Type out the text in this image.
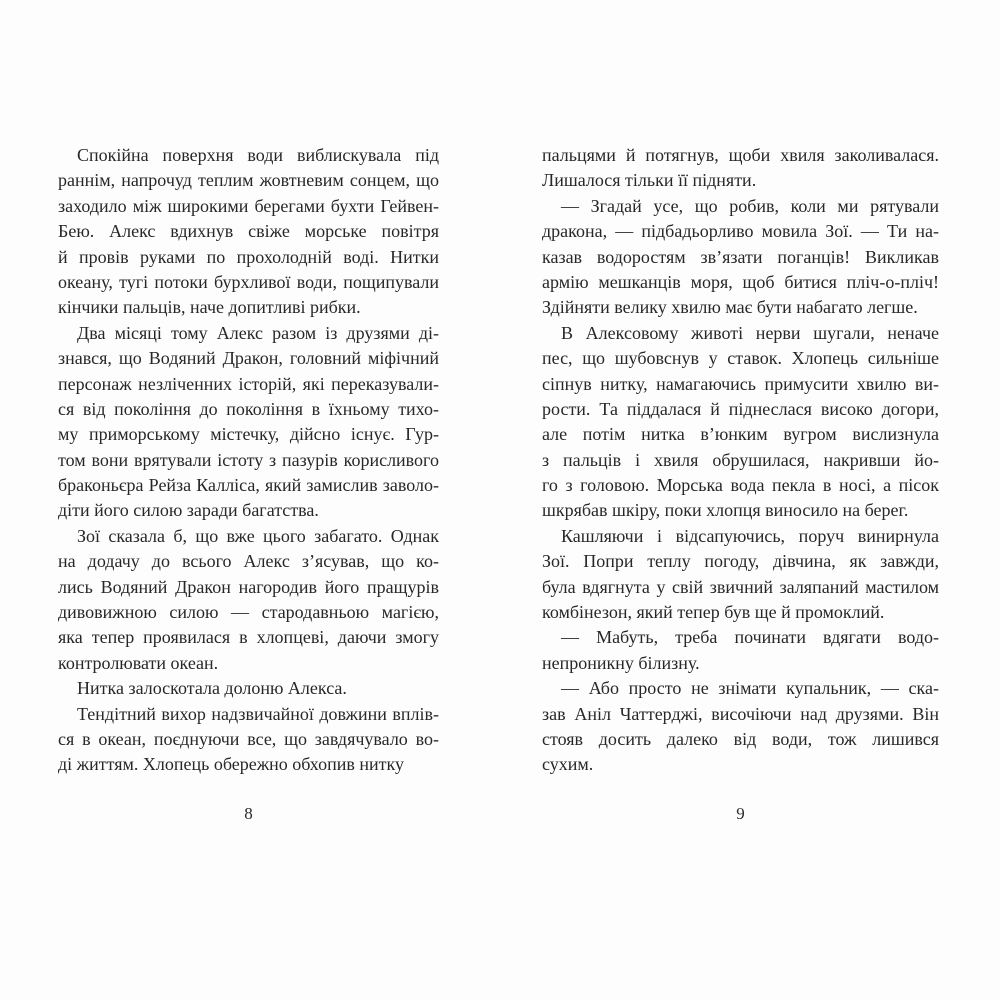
Спокійна поверхня води виблискувала під
раннім, напрочуд теплим жовтневим сонцем, що
заходило між широкими берегами бухти Гейвен-
Бею. Алекс вдихнув свіже морське повітря
й провів руками по прохолодній воді. Нитки
океану, тугі потоки бурхливої води, пощипували
кінчики пальців, наче допитливі рибки.
Два місяці тому Алекс разом із друзями ді-
знався, що Водяний Дракон, головний міфічний
персонаж незліченних історій, які переказували-
ся від покоління до покоління в їхньому тихо-
му приморському містечку, дійсно існує. Гур-
том вони врятували істоту з пазурів корисливого
браконьєра Рейза Калліса, який замислив заволо-
діти його силою заради багатства.
Зої сказала б, що вже цього забагато. Однак
на додачу до всього Алекс з’ясував, що ко-
лись Водяний Дракон нагородив його пращурів
дивовижною силою — стародавньою магією,
яка тепер проявилася в хлопцеві, даючи змогу
контролювати океан.
Нитка залоскотала долоню Алекса.
Тендітний вихор надзвичайної довжини вплів-
ся в океан, поєднуючи все, що завдячувало во-
ді життям. Хлопець обережно обхопив нитку
8
пальцями й потягнув, щоби хвиля заколивалася.
Лишалося тільки її підняти.
— Згадай усе, що робив, коли ми рятували
дракона, — підбадьорливо мовила Зої. — Ти на-
казав водоростям зв’язати поганців! Викликав
армію мешканців моря, щоб битися пліч-о-пліч!
Здійняти велику хвилю має бути набагато легше.
В Алексовому животі нерви шугали, неначе
пес, що шубовснув у ставок. Хлопець сильніше
сіпнув нитку, намагаючись примусити хвилю ви-
рости. Та піддалася й піднеслася високо догори,
але потім нитка в’юнким вугром вислизнула
з пальців і хвиля обрушилася, накривши йо-
го з головою. Морська вода пекла в носі, а пісок
шкрябав шкіру, поки хлопця виносило на берег.
Кашляючи і відсапуючись, поруч винирнула
Зої. Попри теплу погоду, дівчина, як завжди,
була вдягнута у свій звичний заляпаний мастилом
комбінезон, який тепер був ще й промоклий.
— Мабуть, треба починати вдягати водо-
непроникну білизну.
— Або просто не знімати купальник, — ска-
зав Аніл Чаттерджі, височіючи над друзями. Він
стояв досить далеко від води, тож лишився
сухим.
9
